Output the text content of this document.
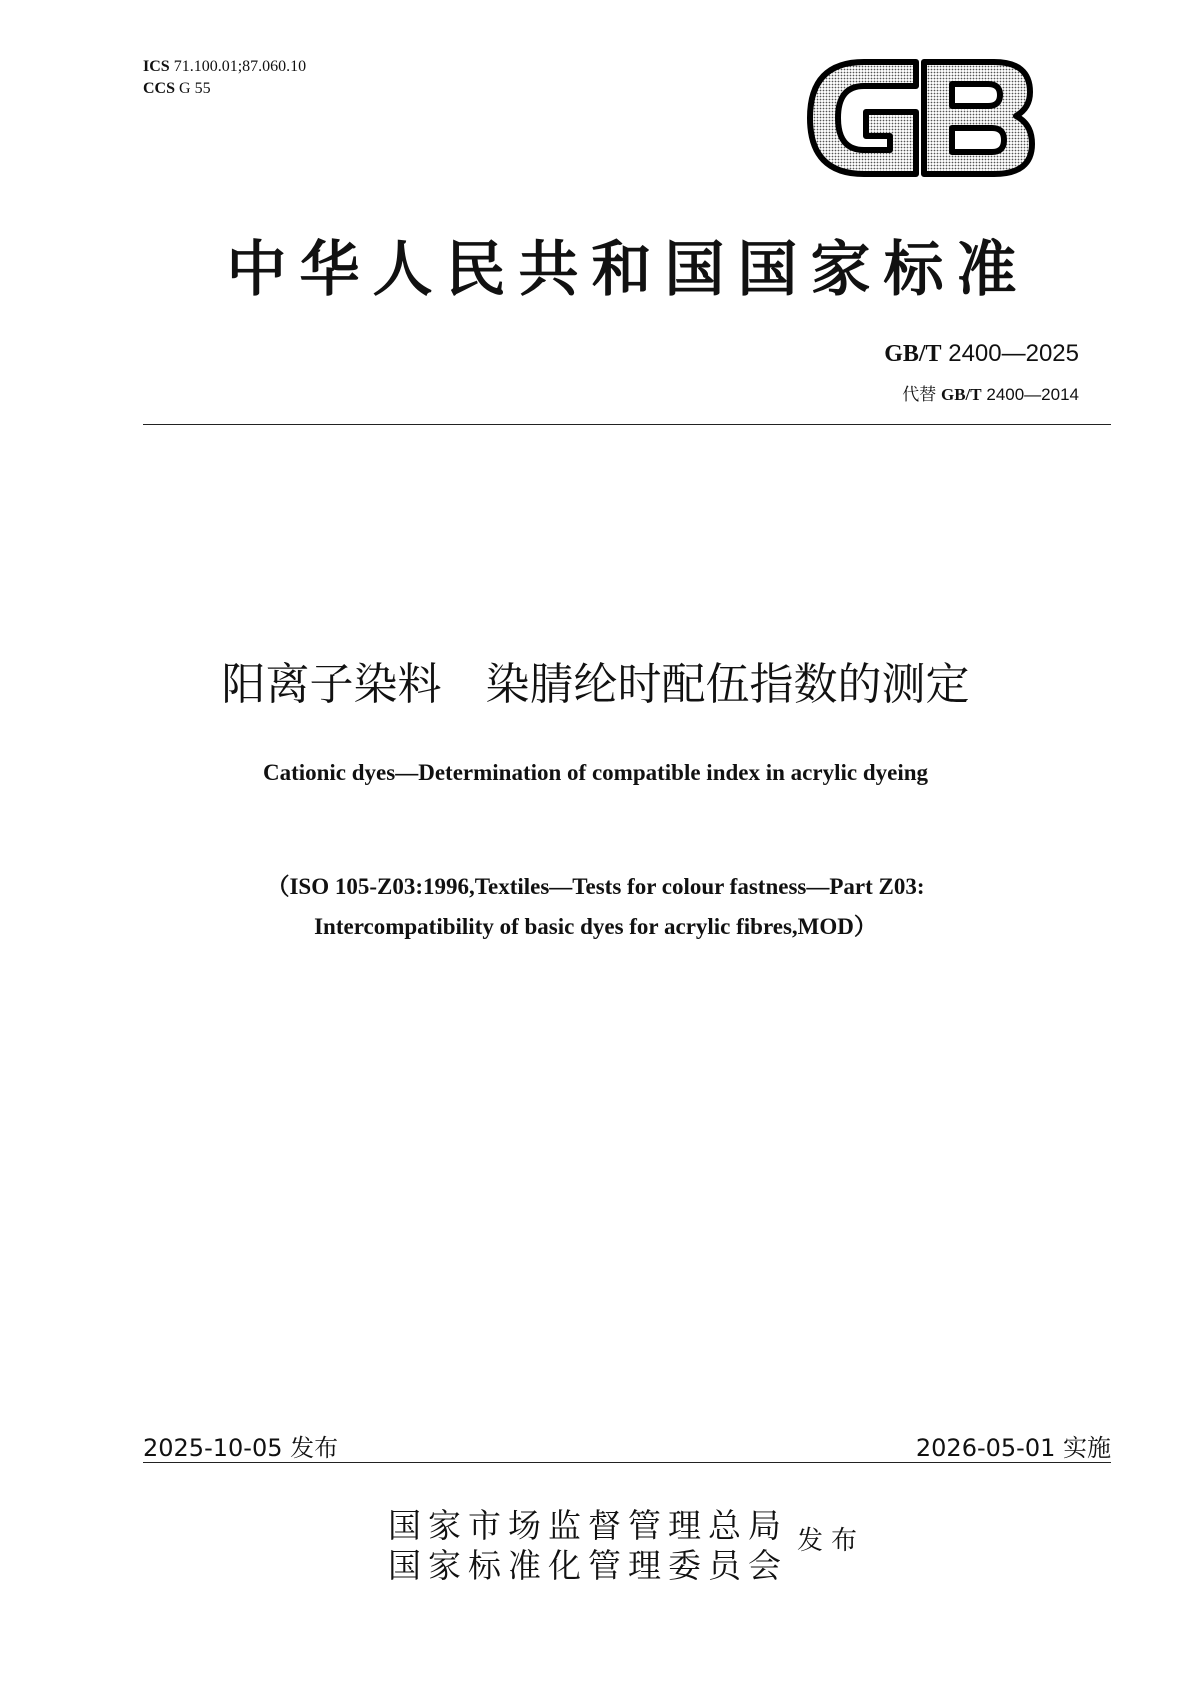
ICS 71.100.01;87.060.10
CCS G 55
中华人民共和国国家标准
GB/T 2400—2025
代替 GB/T 2400—2014
阳离子染料　染腈纶时配伍指数的测定
Cationic dyes—Determination of compatible index in acrylic dyeing
（ISO 105-Z03:1996,Textiles—Tests for colour fastness—Part Z03:
Intercompatibility of basic dyes for acrylic fibres,MOD）
2025-10-05 发布	2026-05-01 实施
国家市场监督管理总局
国家标准化管理委员会
发布
